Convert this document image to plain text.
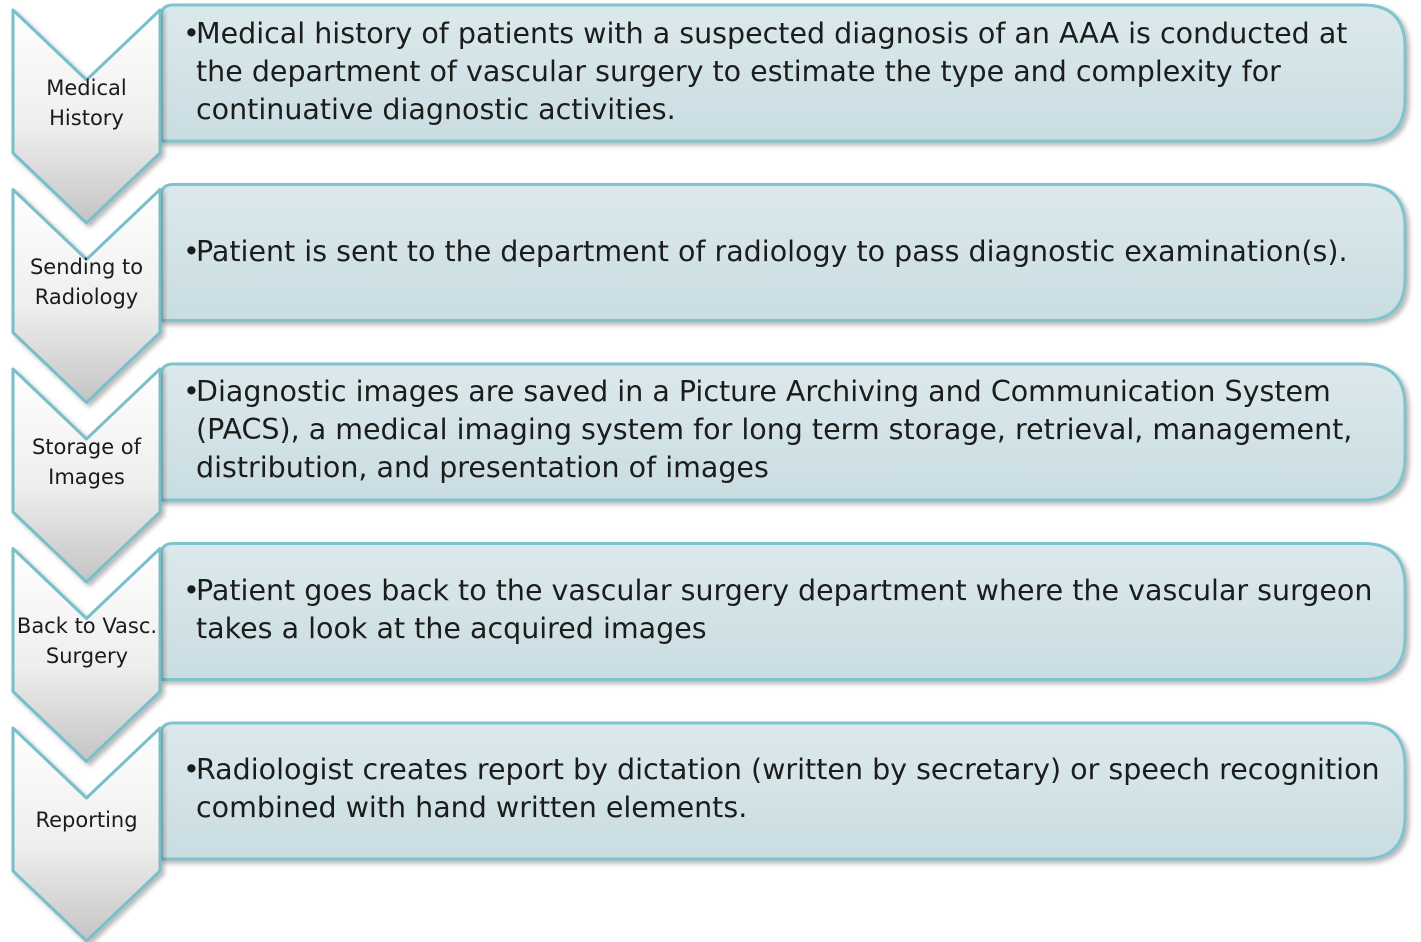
Medical History
Sending to Radiology
Storage of Images
Back to Vasc. Surgery
Reporting

•Medical history of patients with a suspected diagnosis of an AAA is conducted at the department of vascular surgery to estimate the type and complexity for continuative diagnostic activities.

•Patient is sent to the department of radiology to pass diagnostic examination(s).

•Diagnostic images are saved in a Picture Archiving and Communication System (PACS), a medical imaging system for long term storage, retrieval, management, distribution, and presentation of images

•Patient goes back to the vascular surgery department where the vascular surgeon takes a look at the acquired images

•Radiologist creates report by dictation (written by secretary) or speech recognition combined with hand written elements.
